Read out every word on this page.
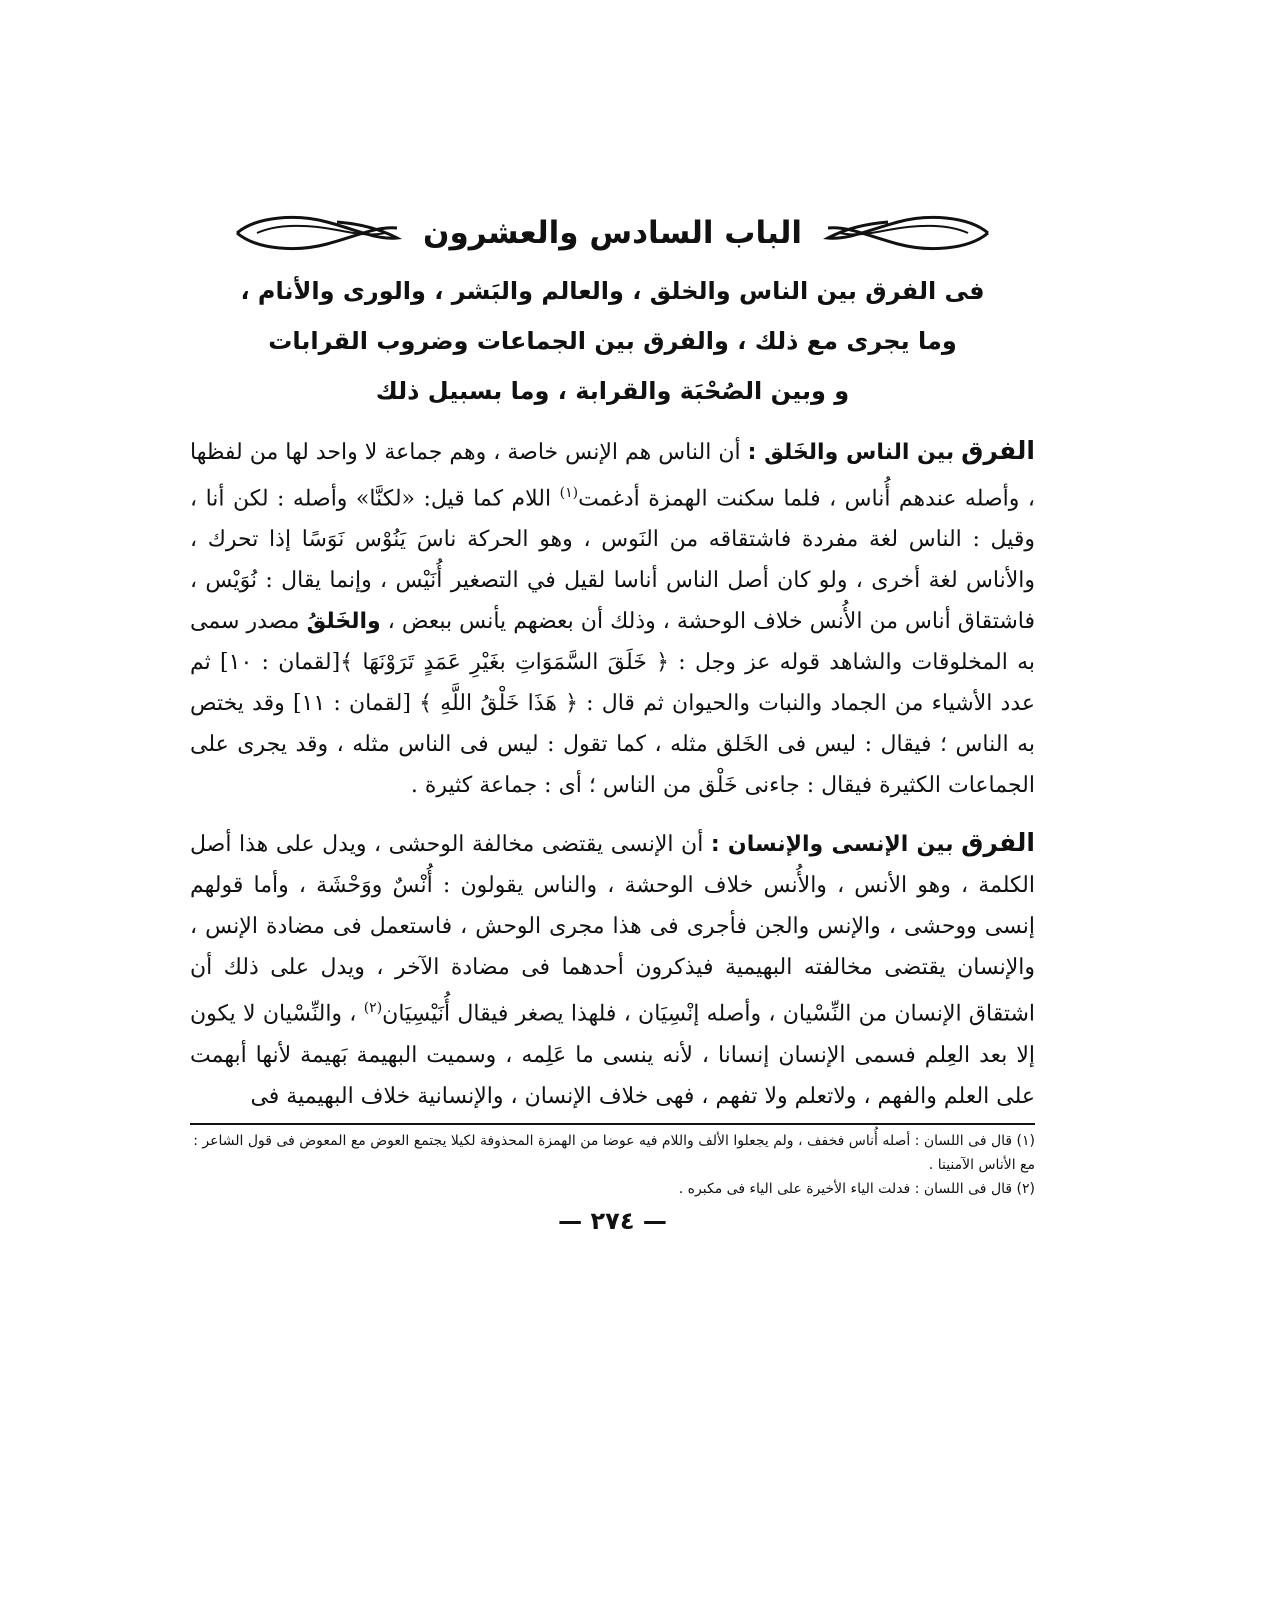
الباب السادس والعشرون

فى الفرق بين الناس والخلق ، والعالم والبَشر ، والورى والأنام ،

وما يجرى مع ذلك ، والفرق بين الجماعات وضروب القرابات

و وبين الصُحْبَة والقرابة ، وما بسبيل ذلك

الفرق بين الناس والخَلق : أن الناس هم الإنس خاصة ، وهم جماعة لا واحد لها من لفظها ، وأصله عندهم أُناس ، فلما سكنت الهمزة أدغمت$^{(١)}$ اللام كما قيل: «لكنَّا» وأصله : لكن أنا ، وقيل : الناس لغة مفردة فاشتقاقه من النَوس ، وهو الحركة ناسَ يَنُوْس نَوَسًا إذا تحرك ، والأناس لغة أخرى ، ولو كان أصل الناس أناسا لقيل في التصغير أُنَيْس ، وإنما يقال : نُوَيْس ، فاشتقاق أناس من الأُنس خلاف الوحشة ، وذلك أن بعضهم يأنس ببعض ، والخَلقُ مصدر سمى به المخلوقات والشاهد قوله عز وجل : ﴿ خَلَقَ السَّمَوَاتِ بغَيْرِ عَمَدٍ تَرَوْنَهَا ﴾[لقمان : ١٠] ثم عدد الأشياء من الجماد والنبات والحيوان ثم قال : ﴿ هَذَا خَلْقُ اللَّهِ ﴾ [لقمان : ١١] وقد يختص به الناس ؛ فيقال : ليس فى الخَلق مثله ، كما تقول : ليس فى الناس مثله ، وقد يجرى على الجماعات الكثيرة فيقال : جاءنى خَلْق من الناس ؛ أى : جماعة كثيرة .

الفرق بين الإنسى والإنسان : أن الإنسى يقتضى مخالفة الوحشى ، ويدل على هذا أصل الكلمة ، وهو الأنس ، والأُنس خلاف الوحشة ، والناس يقولون : أُنْسٌ ووَحْشَة ، وأما قولهم إنسى ووحشى ، والإنس والجن فأجرى فى هذا مجرى الوحش ، فاستعمل فى مضادة الإنس ، والإنسان يقتضى مخالفته البهيمية فيذكرون أحدهما فى مضادة الآخر ، ويدل على ذلك أن اشتقاق الإنسان من النِّسْيان ، وأصله إنْسِيَان ، فلهذا يصغر فيقال أُنَيْسِيَان$^{(٢)}$ ، والنِّسْيان لا يكون إلا بعد العِلم فسمى الإنسان إنسانا ، لأنه ينسى ما عَلِمه ، وسميت البهيمة بَهيمة لأنها أبهمت على العلم والفهم ، ولاتعلم ولا تفهم ، فهى خلاف الإنسان ، والإنسانية خلاف البهيمية فى

(١) قال فى اللسان : أصله أُناس فخفف ، ولم يجعلوا الألف واللام فيه عوضا من الهمزة المحذوفة لكيلا يجتمع العوض مع المعوض فى قول الشاعر : مع الأناس الآمنينا .

(٢) قال فى اللسان : فدلت الياء الأخيرة على الياء فى مكبره .

— ٢٧٤ —
